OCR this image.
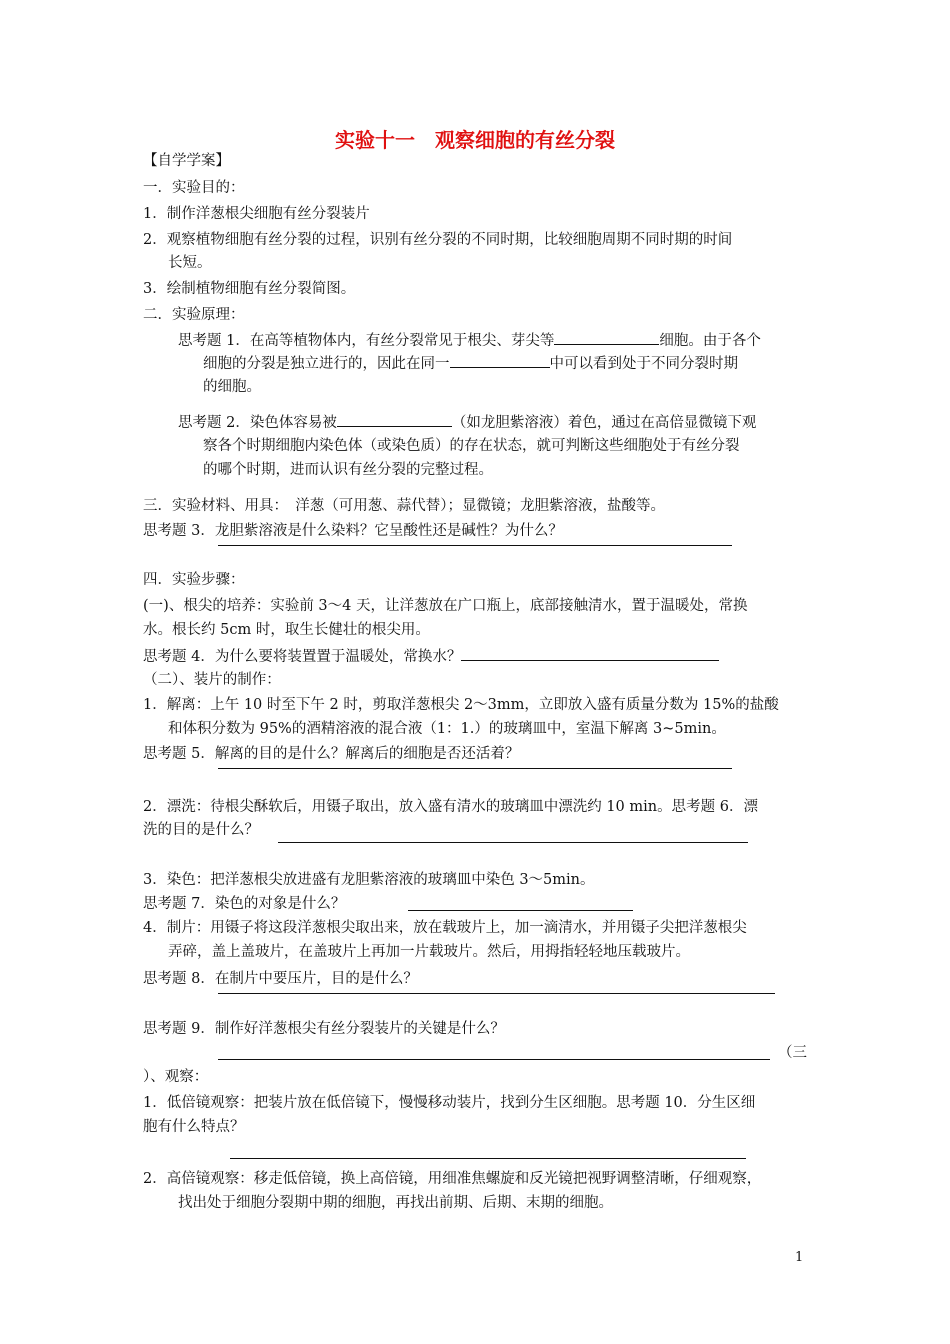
实验十一　观察细胞的有丝分裂
【自学学案】
一．实验目的：
1．制作洋葱根尖细胞有丝分裂装片
2．观察植物细胞有丝分裂的过程，识别有丝分裂的不同时期，比较细胞周期不同时期的时间
长短。
3．绘制植物细胞有丝分裂简图。
二．实验原理：
思考题 1．在高等植物体内，有丝分裂常见于根尖、芽尖等	细胞。由于各个
细胞的分裂是独立进行的，因此在同一	中可以看到处于不同分裂时期
的细胞。
思考题 2．染色体容易被	（如龙胆紫溶液）着色，通过在高倍显微镜下观
察各个时期细胞内染色体（或染色质）的存在状态，就可判断这些细胞处于有丝分裂
的哪个时期，进而认识有丝分裂的完整过程。
三．实验材料、用具：　洋葱（可用葱、蒜代替）；显微镜；龙胆紫溶液，盐酸等。
思考题 3．龙胆紫溶液是什么染料？它呈酸性还是碱性？为什么？
四．实验步骤：
(一)、根尖的培养：实验前 3～4 天，让洋葱放在广口瓶上，底部接触清水，置于温暖处，常换
水。根长约 5cm 时，取生长健壮的根尖用。
思考题 4．为什么要将装置置于温暖处，常换水？
（二）、装片的制作：
1．解离：上午 10 时至下午 2 时，剪取洋葱根尖 2～3mm，立即放入盛有质量分数为 15%的盐酸
和体积分数为 95%的酒精溶液的混合液（1：1.）的玻璃皿中，室温下解离 3~5min。
思考题 5．解离的目的是什么？解离后的细胞是否还活着？
2．漂洗：待根尖酥软后，用镊子取出，放入盛有清水的玻璃皿中漂洗约 10 min。思考题 6．漂
洗的目的是什么？
3．染色：把洋葱根尖放进盛有龙胆紫溶液的玻璃皿中染色 3～5min。
思考题 7．染色的对象是什么？
4．制片：用镊子将这段洋葱根尖取出来，放在载玻片上，加一滴清水，并用镊子尖把洋葱根尖
弄碎，盖上盖玻片，在盖玻片上再加一片载玻片。然后，用拇指轻轻地压载玻片。
思考题 8．在制片中要压片，目的是什么？
思考题 9．制作好洋葱根尖有丝分裂装片的关键是什么？
（三
）、观察：
1．低倍镜观察：把装片放在低倍镜下，慢慢移动装片，找到分生区细胞。思考题 10．分生区细
胞有什么特点？
2．高倍镜观察：移走低倍镜，换上高倍镜，用细准焦螺旋和反光镜把视野调整清晰，仔细观察，
找出处于细胞分裂期中期的细胞，再找出前期、后期、末期的细胞。
1
